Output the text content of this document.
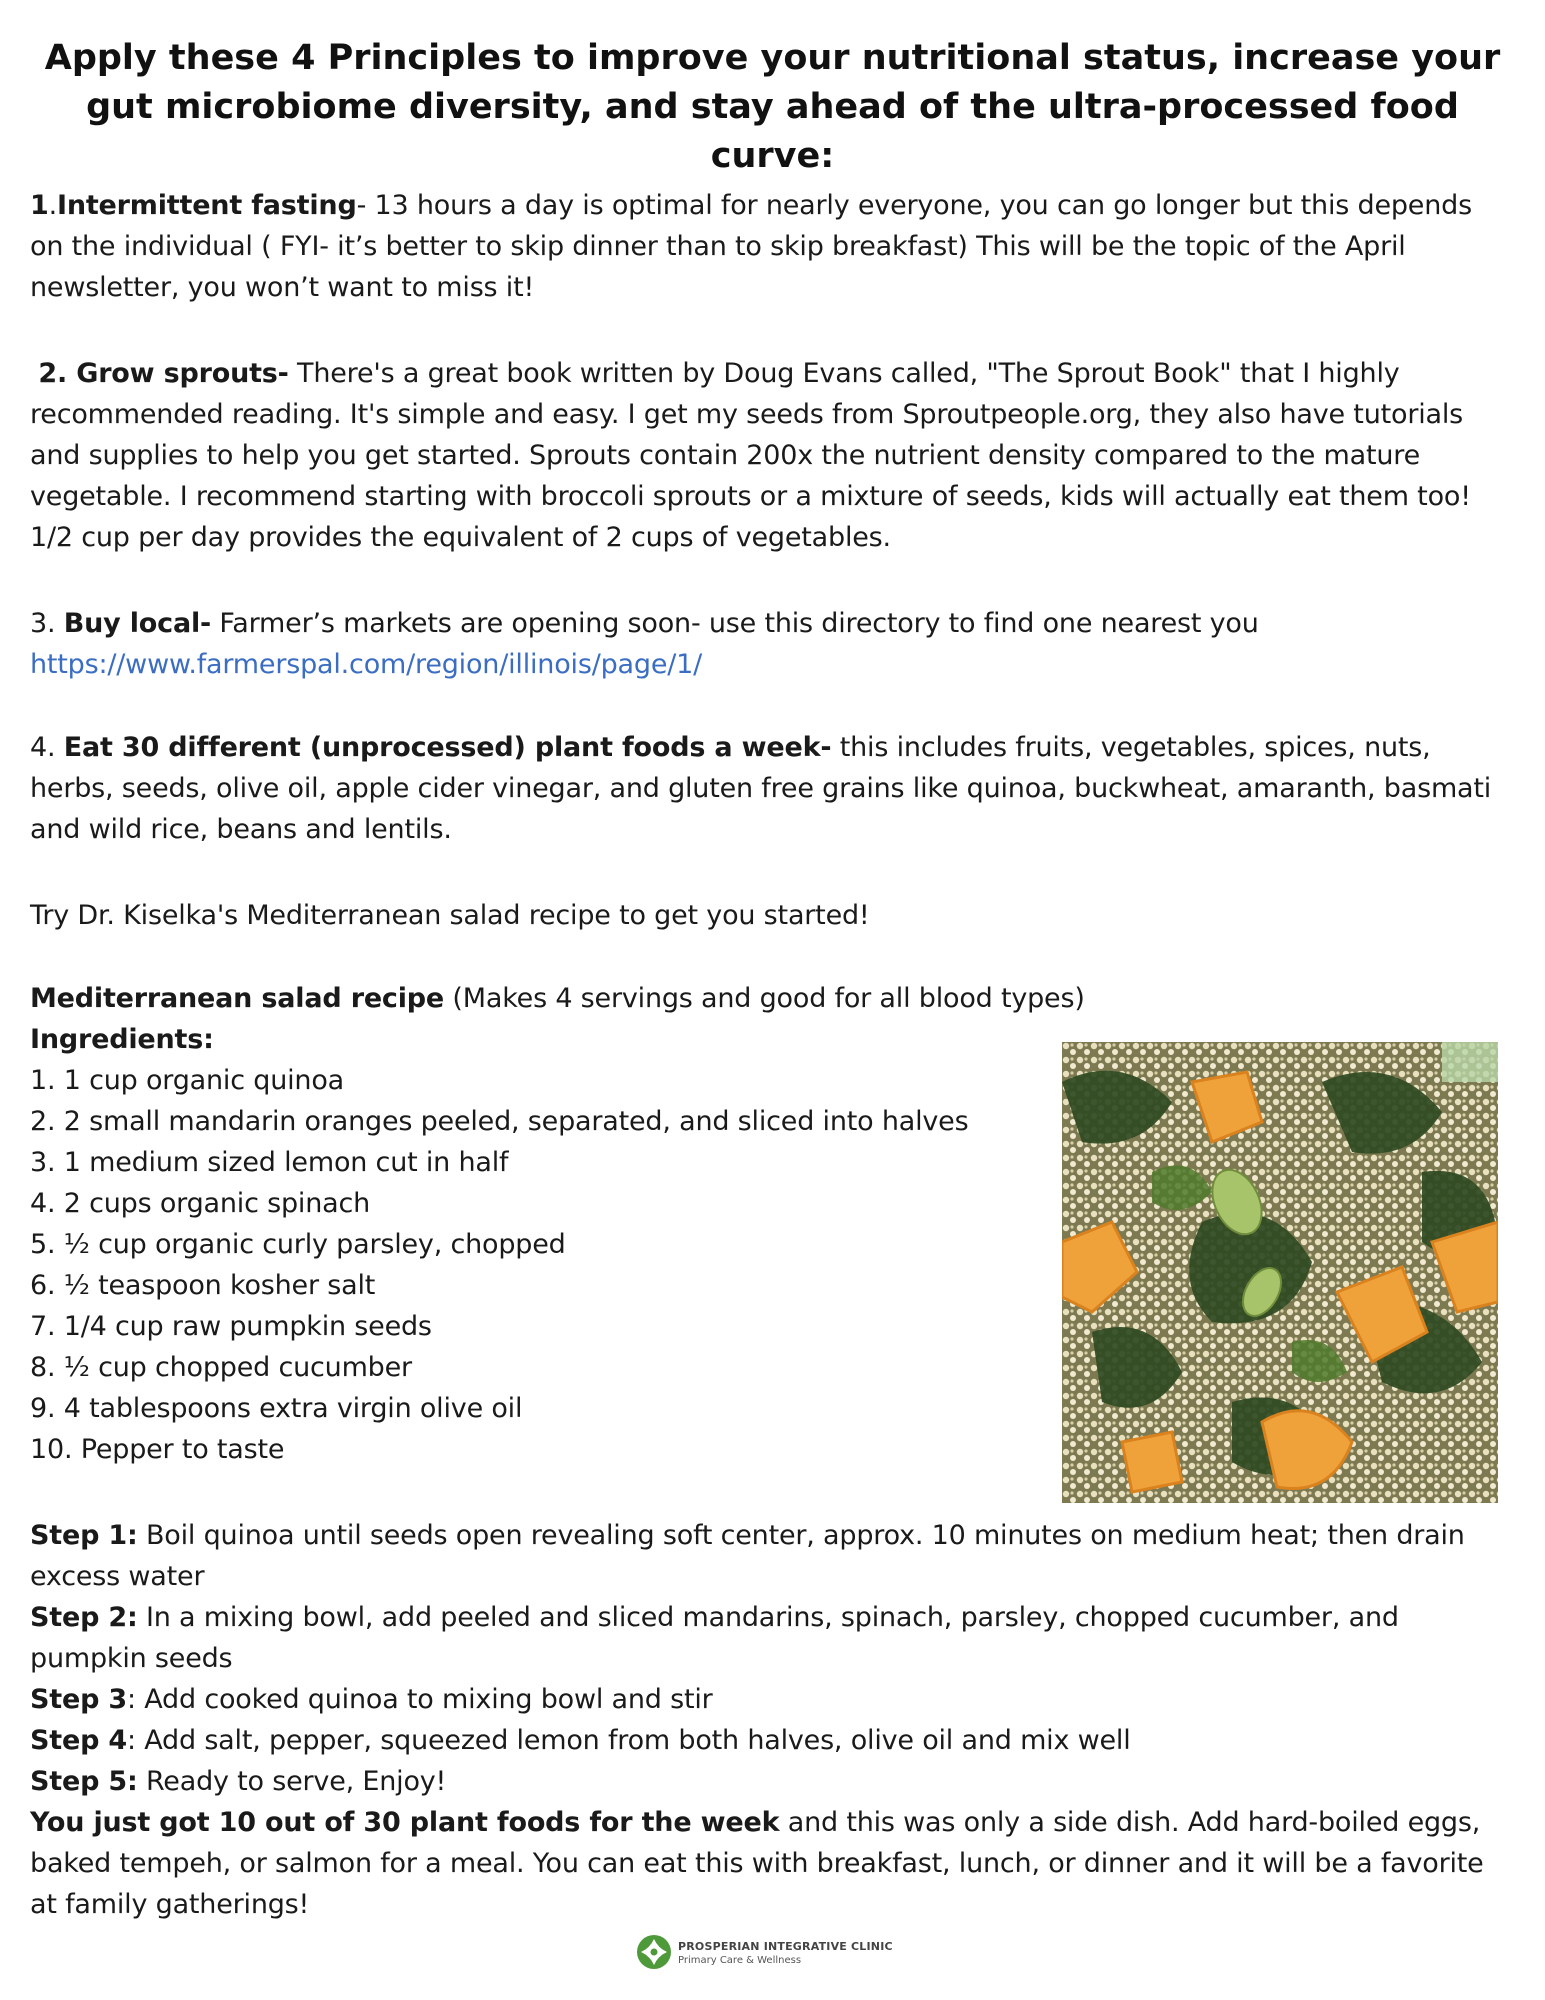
Apply these 4 Principles to improve your nutritional status, increase your gut microbiome diversity, and stay ahead of the ultra-processed food curve:

1.Intermittent fasting- 13 hours a day is optimal for nearly everyone, you can go longer but this depends on the individual ( FYI- it’s better to skip dinner than to skip breakfast) This will be the topic of the April newsletter, you won’t want to miss it!

2. Grow sprouts- There's a great book written by Doug Evans called, "The Sprout Book" that I highly recommended reading. It's simple and easy. I get my seeds from Sproutpeople.org, they also have tutorials and supplies to help you get started. Sprouts contain 200x the nutrient density compared to the mature vegetable. I recommend starting with broccoli sprouts or a mixture of seeds, kids will actually eat them too! 1/2 cup per day provides the equivalent of 2 cups of vegetables.

3. Buy local- Farmer’s markets are opening soon- use this directory to find one nearest you

https://www.farmerspal.com/region/illinois/page/1/

4. Eat 30 different (unprocessed) plant foods a week- this includes fruits, vegetables, spices, nuts, herbs, seeds, olive oil, apple cider vinegar, and gluten free grains like quinoa, buckwheat, amaranth, basmati and wild rice, beans and lentils.

Try Dr. Kiselka's Mediterranean salad recipe to get you started!

Mediterranean salad recipe (Makes 4 servings and good for all blood types)

Ingredients:

1. 1 cup organic quinoa
2. 2 small mandarin oranges peeled, separated, and sliced into halves
3. 1 medium sized lemon cut in half
4. 2 cups organic spinach
5. ½ cup organic curly parsley, chopped
6. ½ teaspoon kosher salt
7. 1/4 cup raw pumpkin seeds
8. ½ cup chopped cucumber
9. 4 tablespoons extra virgin olive oil
10. Pepper to taste

Step 1: Boil quinoa until seeds open revealing soft center, approx. 10 minutes on medium heat; then drain excess water

Step 2: In a mixing bowl, add peeled and sliced mandarins, spinach, parsley, chopped cucumber, and pumpkin seeds

Step 3: Add cooked quinoa to mixing bowl and stir

Step 4: Add salt, pepper, squeezed lemon from both halves, olive oil and mix well

Step 5: Ready to serve, Enjoy!

You just got 10 out of 30 plant foods for the week and this was only a side dish. Add hard-boiled eggs, baked tempeh, or salmon for a meal. You can eat this with breakfast, lunch, or dinner and it will be a favorite at family gatherings!

PROSPERIAN INTEGRATIVE CLINIC
Primary Care & Wellness
